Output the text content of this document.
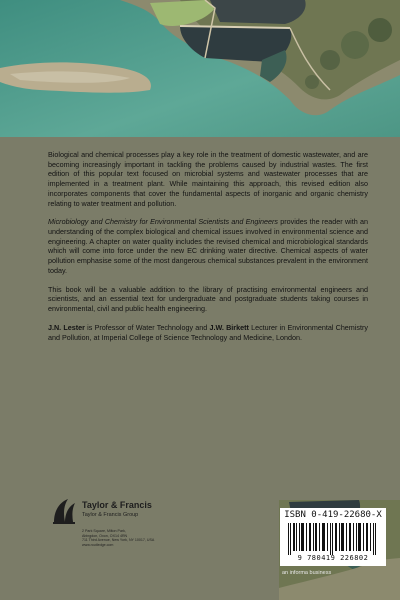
Biological and chemical processes play a key role in the treatment of domestic wastewater, and are becoming increasingly important in tackling the problems caused by industrial wastes. The first edition of this popular text focused on microbial systems and wastewater processes that are implemented in a treatment plant. While maintaining this approach, this revised edition also incorporates components that cover the fundamental aspects of inorganic and organic chemistry relating to water treatment and pollution.

Microbiology and Chemistry for Environmental Scientists and Engineers provides the reader with an understanding of the complex biological and chemical issues involved in environmental science and engineering. A chapter on water quality includes the revised chemical and microbiological standards which will come into force under the new EC drinking water directive. Chemical aspects of water pollution emphasise some of the most dangerous chemical substances prevalent in the environment today.

This book will be a valuable addition to the library of practising environmental engineers and scientists, and an essential text for undergraduate and postgraduate students taking courses in environmental, civil and public health engineering.

J.N. Lester is Professor of Water Technology and J.W. Birkett Lecturer in Environmental Chemistry and Pollution, at Imperial College of Science Technology and Medicine, London.

Taylor & Francis
Taylor & Francis Group
2 Park Square, Milton Park,
Abingdon, Oxon, OX14 4RN
711 Third Avenue, New York, NY 10017, USA
www.routledge.com
ISBN 0-419-22680-X
9 780419 226802
an informa business
